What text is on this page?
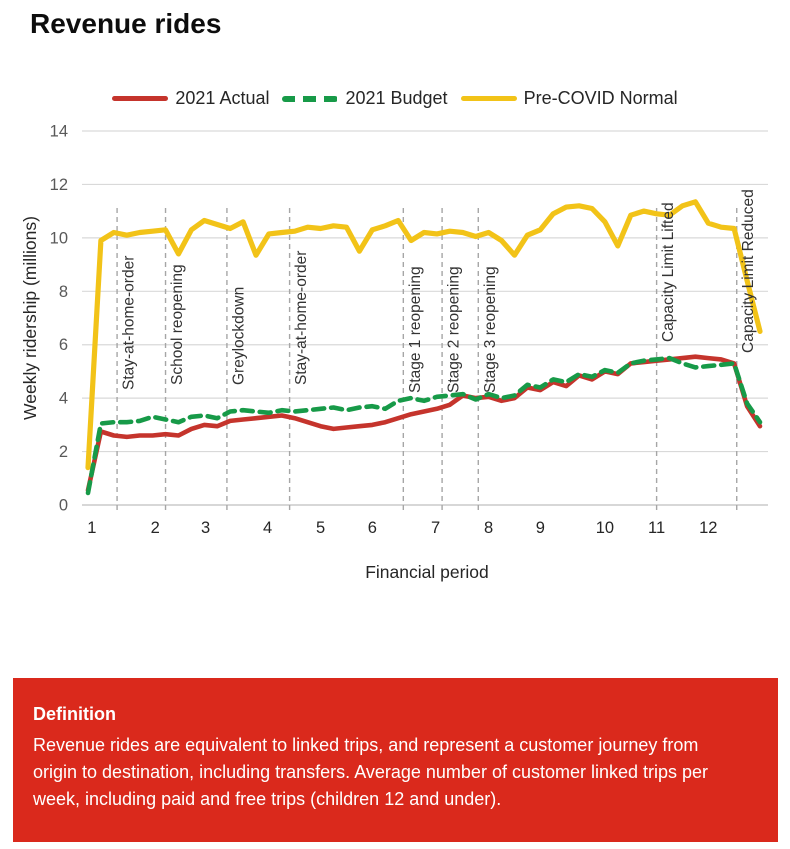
Revenue rides
2021 Actual	2021 Budget	Pre-COVID Normal
0
2
4
6
8
10
12
14
1	2 3	4	5	6	7	8	9	10 11 12
Stay-at-home-order School reopening	Greylockdown	Stay-at-home-order	Stage 1 reopening Stage 2 reopening Stage 3 reopening	Capacity Limit Lifted	Capacity Limit Reduced
Financial period
Weekly ridership (millions)

Definition

Revenue rides are equivalent to linked trips, and represent a customer journey from origin to destination, including transfers. Average number of customer linked trips per week, including paid and free trips (children 12 and under).
